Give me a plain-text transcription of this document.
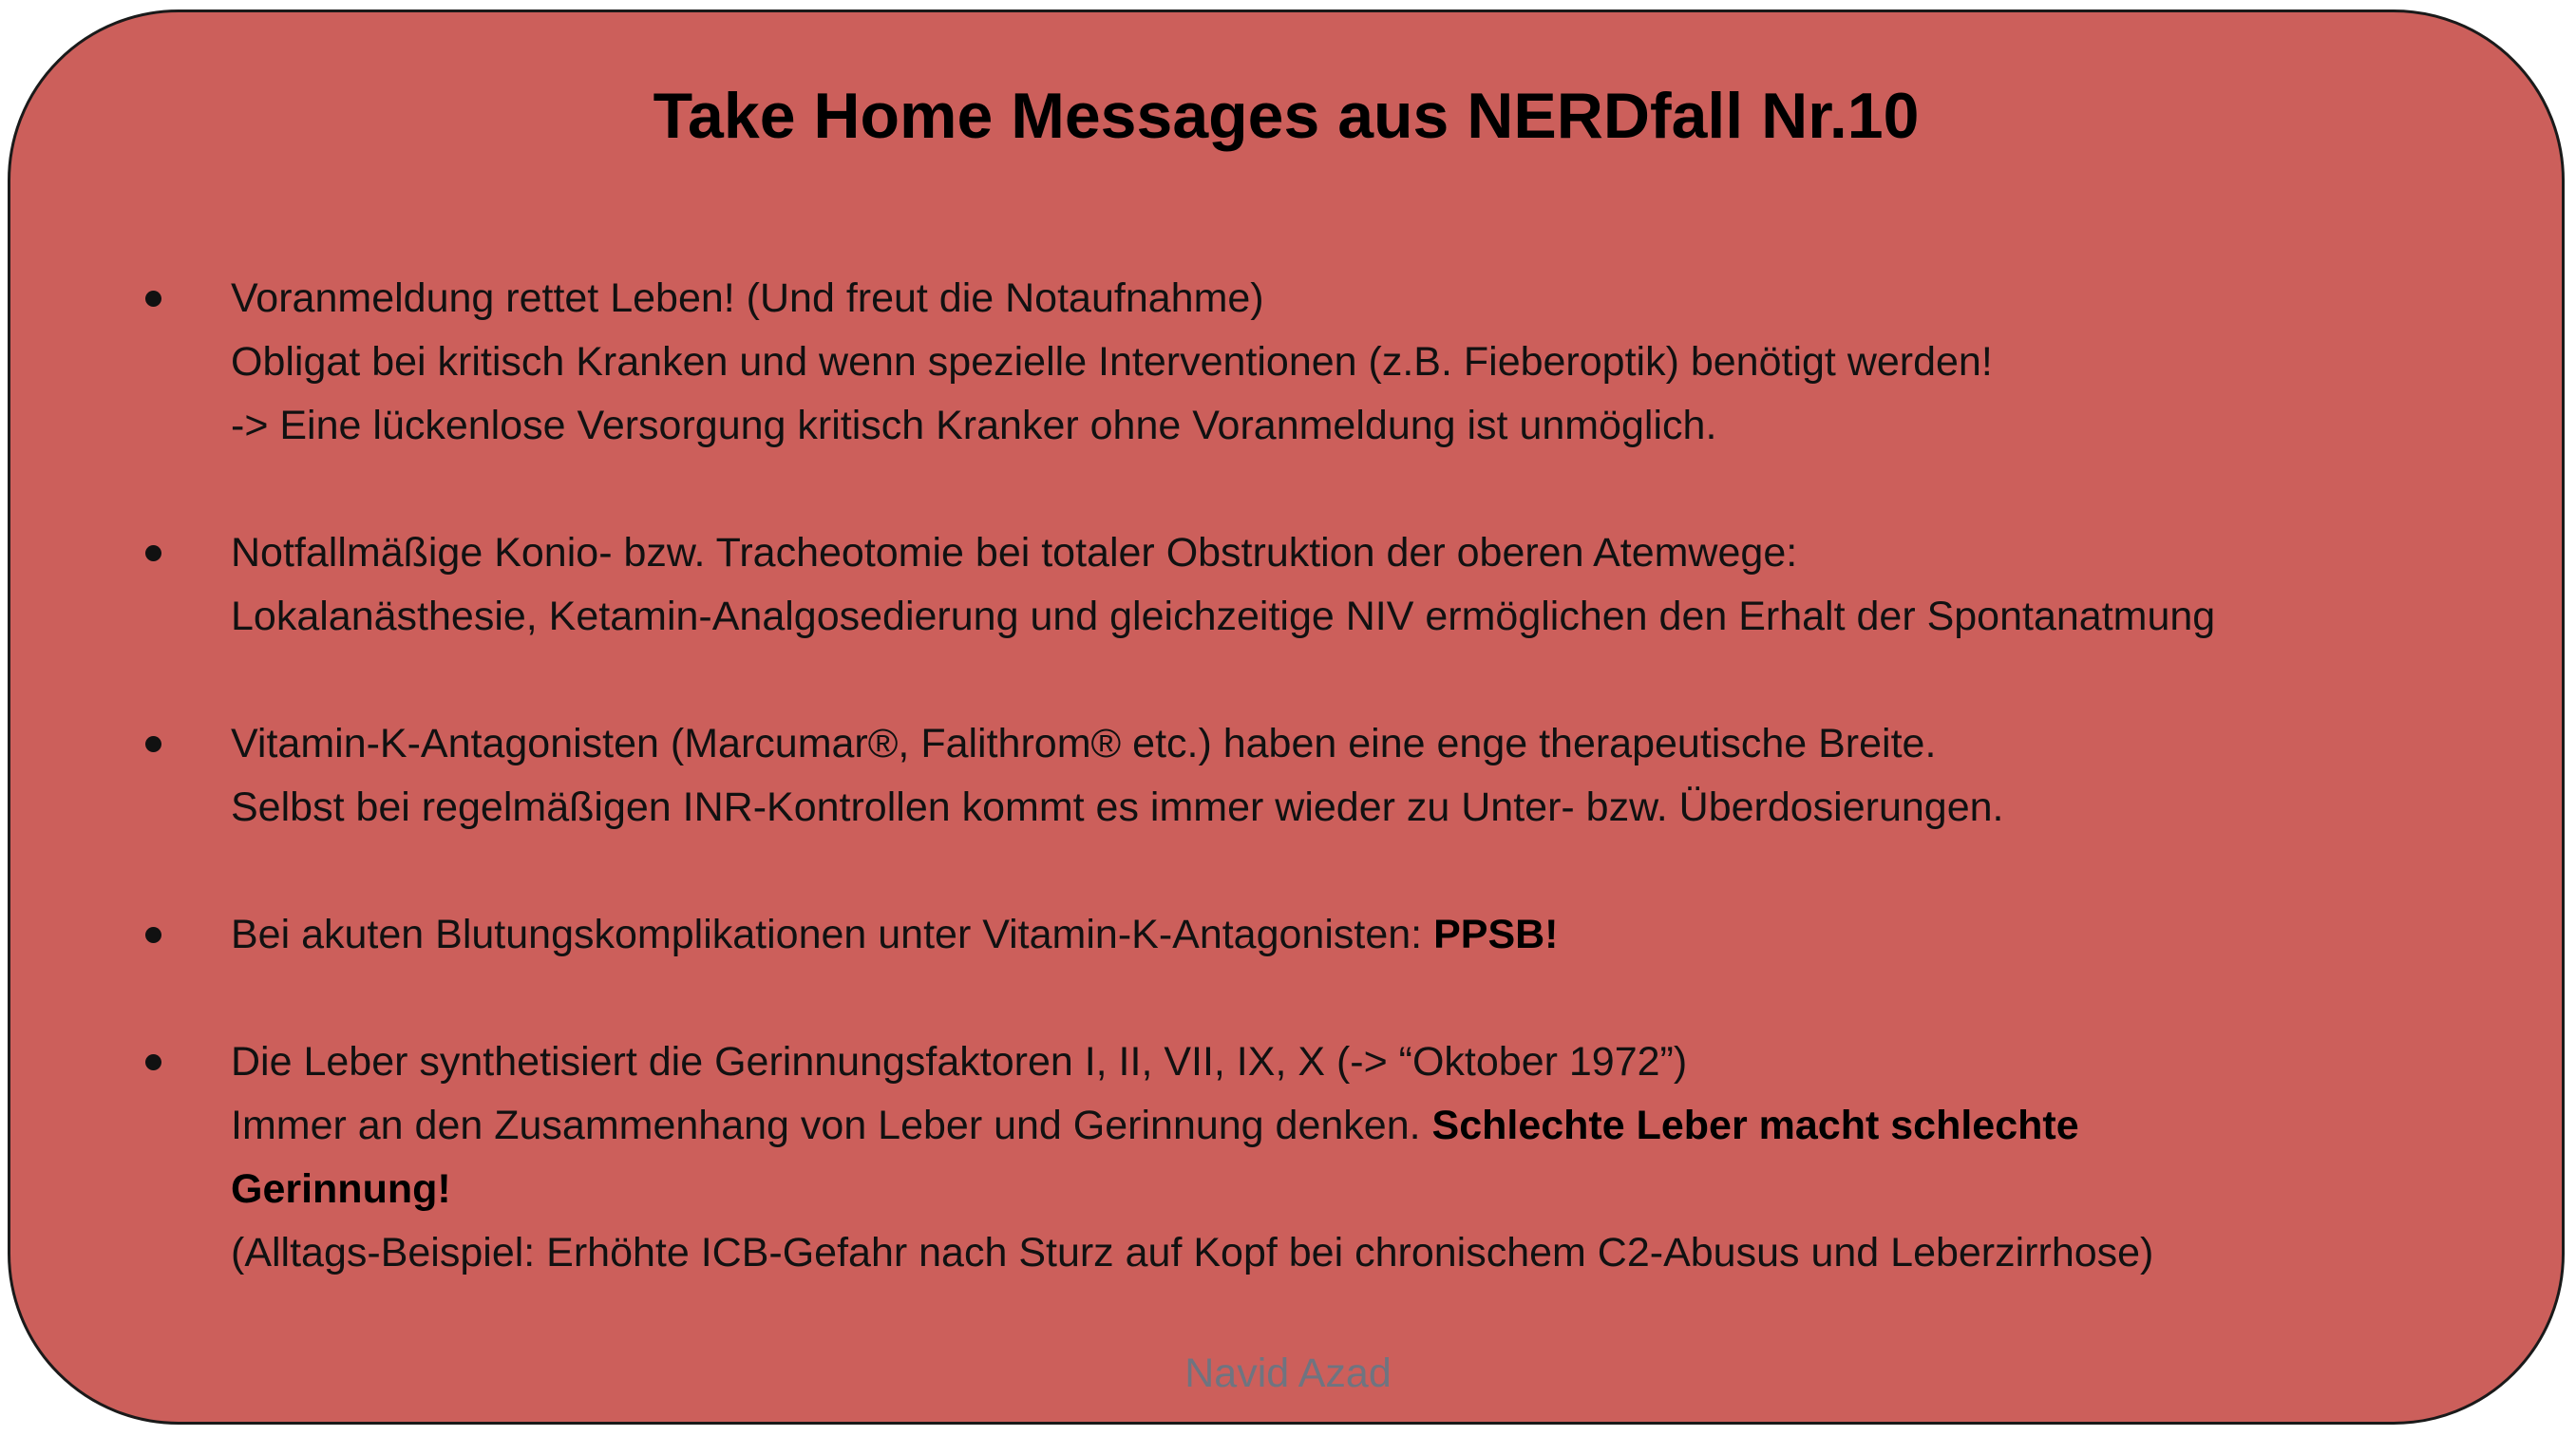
Take Home Messages aus NERDfall Nr.10
Voranmeldung rettet Leben! (Und freut die Notaufnahme)
Obligat bei kritisch Kranken und wenn spezielle Interventionen (z.B. Fieberoptik) benötigt werden!
-> Eine lückenlose Versorgung kritisch Kranker ohne Voranmeldung ist unmöglich.
Notfallmäßige Konio- bzw. Tracheotomie bei totaler Obstruktion der oberen Atemwege:
Lokalanästhesie, Ketamin-Analgosedierung und gleichzeitige NIV ermöglichen den Erhalt der Spontanatmung
Vitamin-K-Antagonisten (Marcumar®, Falithrom® etc.) haben eine enge therapeutische Breite.
Selbst bei regelmäßigen INR-Kontrollen kommt es immer wieder zu Unter- bzw. Überdosierungen.
Bei akuten Blutungskomplikationen unter Vitamin-K-Antagonisten: PPSB!
Die Leber synthetisiert die Gerinnungsfaktoren I, II, VII, IX, X (-> “Oktober 1972”)
Immer an den Zusammenhang von Leber und Gerinnung denken. Schlechte Leber macht schlechte
Gerinnung!
(Alltags-Beispiel: Erhöhte ICB-Gefahr nach Sturz auf Kopf bei chronischem C2-Abusus und Leberzirrhose)
Navid Azad
